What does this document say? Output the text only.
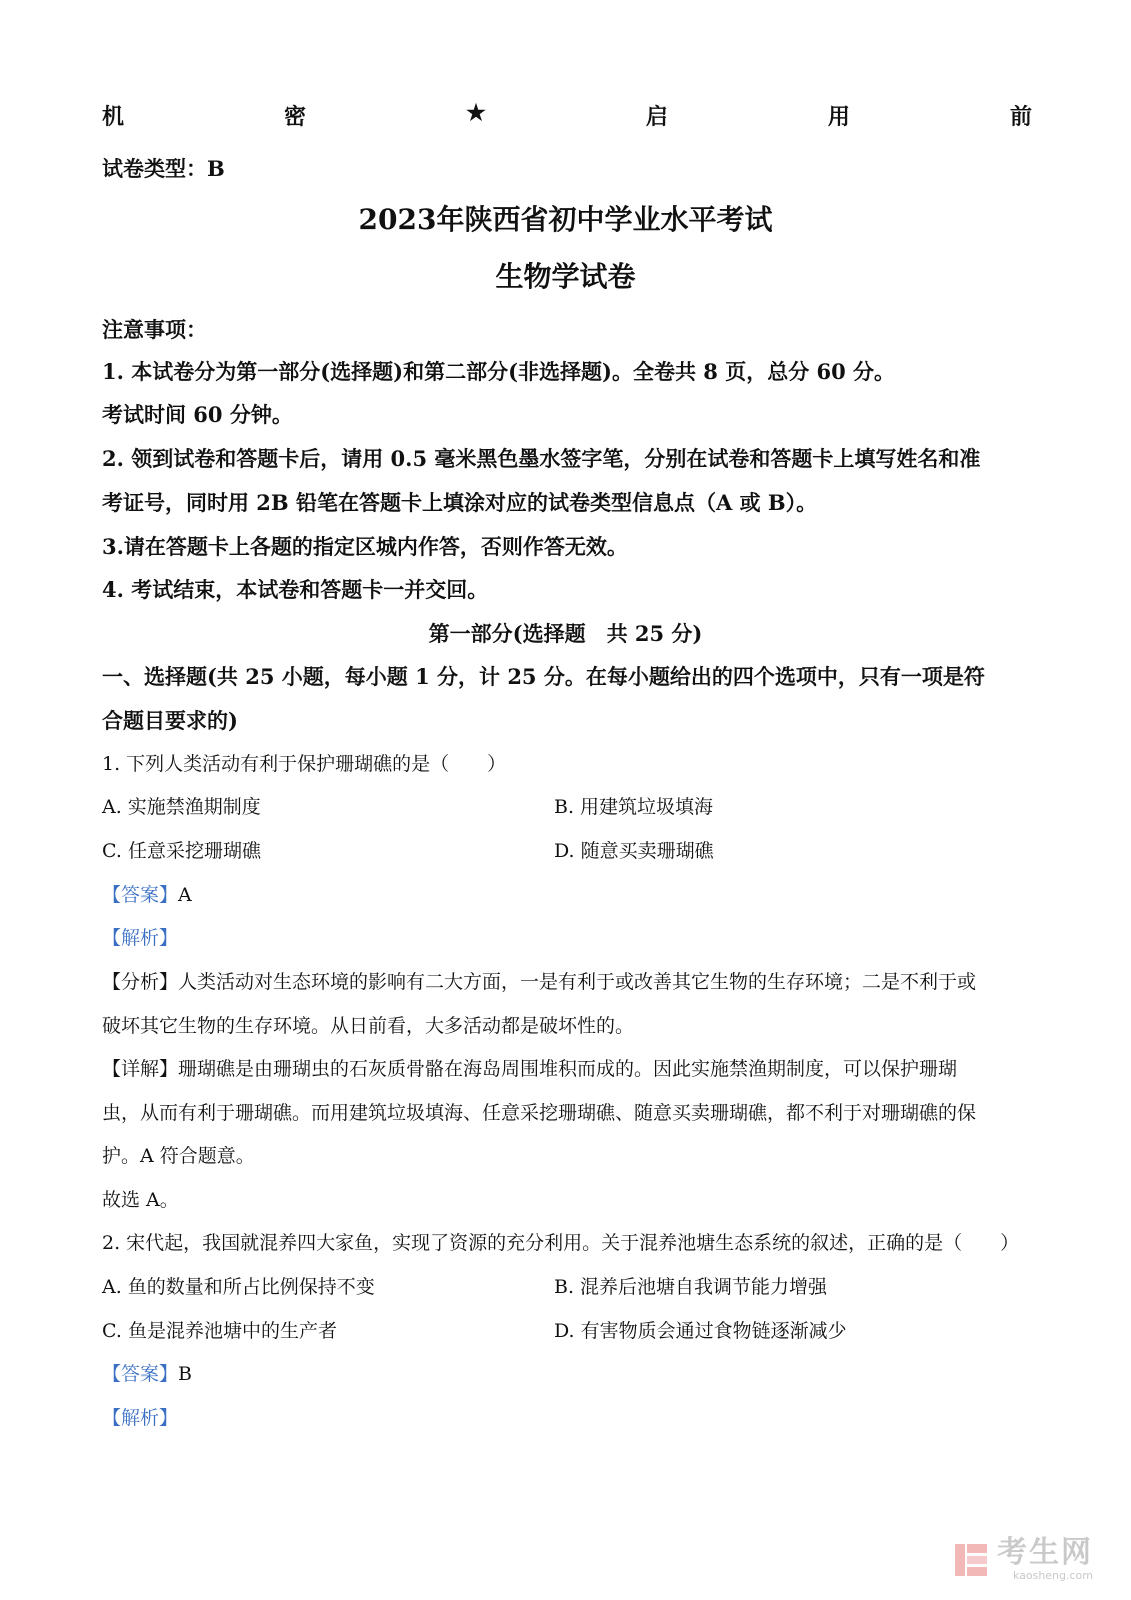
机	密	★	启	用	前
试卷类型：B
2023年陕西省初中学业水平考试
生物学试卷
注意事项：
1. 本试卷分为第一部分(选择题)和第二部分(非选择题)。全卷共 8 页，总分 60 分。
考试时间 60 分钟。
2. 领到试卷和答题卡后，请用 0.5 毫米黑色墨水签字笔，分别在试卷和答题卡上填写姓名和准
考证号，同时用 2B 铅笔在答题卡上填涂对应的试卷类型信息点（A 或 B）。
3.请在答题卡上各题的指定区城内作答，否则作答无效。
4. 考试结束，本试卷和答题卡一并交回。
第一部分(选择题　共 25 分)
一、选择题(共 25 小题，每小题 1 分，计 25 分。在每小题给出的四个选项中，只有一项是符
合题目要求的)
1. 下列人类活动有利于保护珊瑚礁的是（　　）
A. 实施禁渔期制度	B. 用建筑垃圾填海
C. 任意采挖珊瑚礁	D. 随意买卖珊瑚礁
【答案】A
【解析】
【分析】人类活动对生态环境的影响有二大方面，一是有利于或改善其它生物的生存环境；二是不利于或
破坏其它生物的生存环境。从日前看，大多活动都是破坏性的。
【详解】珊瑚礁是由珊瑚虫的石灰质骨骼在海岛周围堆积而成的。因此实施禁渔期制度，可以保护珊瑚
虫，从而有利于珊瑚礁。而用建筑垃圾填海、任意采挖珊瑚礁、随意买卖珊瑚礁，都不利于对珊瑚礁的保
护。A 符合题意。
故选 A。
2. 宋代起，我国就混养四大家鱼，实现了资源的充分利用。关于混养池塘生态系统的叙述，正确的是（　　）
A. 鱼的数量和所占比例保持不变	B. 混养后池塘自我调节能力增强
C. 鱼是混养池塘中的生产者	D. 有害物质会通过食物链逐渐减少
【答案】B
【解析】
考生网
kaosheng.com
